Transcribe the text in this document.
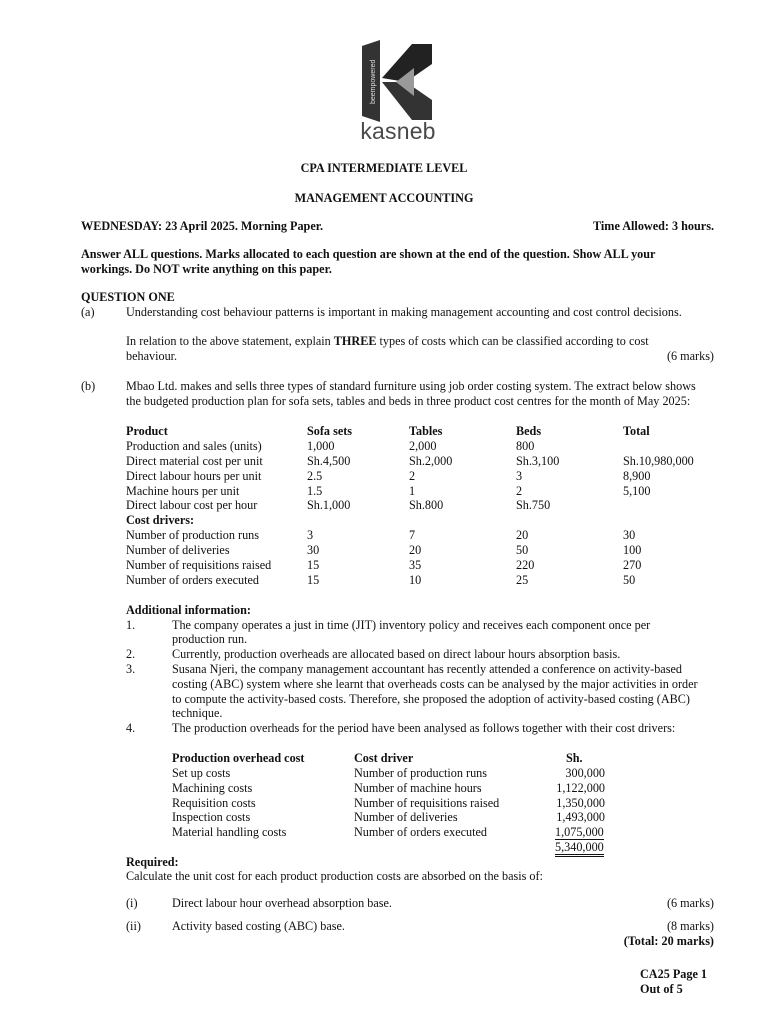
beempowered
kasneb
CPA INTERMEDIATE LEVEL
MANAGEMENT ACCOUNTING
WEDNESDAY: 23 April 2025. Morning Paper.	Time Allowed: 3 hours.
Answer ALL questions. Marks allocated to each question are shown at the end of the question. Show ALL your
workings. Do NOT write anything on this paper.
QUESTION ONE
(a)	Understanding cost behaviour patterns is important in making management accounting and cost control decisions.
In relation to the above statement, explain THREE types of costs which can be classified according to cost
behaviour.	(6 marks)
(b)	Mbao Ltd. makes and sells three types of standard furniture using job order costing system. The extract below shows
the budgeted production plan for sofa sets, tables and beds in three product cost centres for the month of May 2025:
Product	Sofa sets	Tables	Beds	Total
Production and sales (units)	1,000	2,000	800
Direct material cost per unit	Sh.4,500	Sh.2,000	Sh.3,100	Sh.10,980,000
Direct labour hours per unit	2.5	2	3	8,900
Machine hours per unit	1.5	1	2	5,100
Direct labour cost per hour	Sh.1,000	Sh.800	Sh.750
Cost drivers:
Number of production runs	3	7	20	30
Number of deliveries	30	20	50	100
Number of requisitions raised	15	35	220	270
Number of orders executed	15	10	25	50
Additional information:
1.	The company operates a just in time (JIT) inventory policy and receives each component once per
production run.
2.	Currently, production overheads are allocated based on direct labour hours absorption basis.
3.	Susana Njeri, the company management accountant has recently attended a conference on activity-based
costing (ABC) system where she learnt that overheads costs can be analysed by the major activities in order
to compute the activity-based costs. Therefore, she proposed the adoption of activity-based costing (ABC)
technique.
4.	The production overheads for the period have been analysed as follows together with their cost drivers:
Production overhead cost	Cost driver	Sh.
Set up costs	Number of production runs	300,000
Machining costs	Number of machine hours	1,122,000
Requisition costs	Number of requisitions raised	1,350,000
Inspection costs	Number of deliveries	1,493,000
Material handling costs	Number of orders executed	1,075,000
5,340,000
Required:
Calculate the unit cost for each product production costs are absorbed on the basis of:
(i)	Direct labour hour overhead absorption base.	(6 marks)
(ii)	Activity based costing (ABC) base.	(8 marks)
(Total: 20 marks)
CA25 Page 1
Out of 5
